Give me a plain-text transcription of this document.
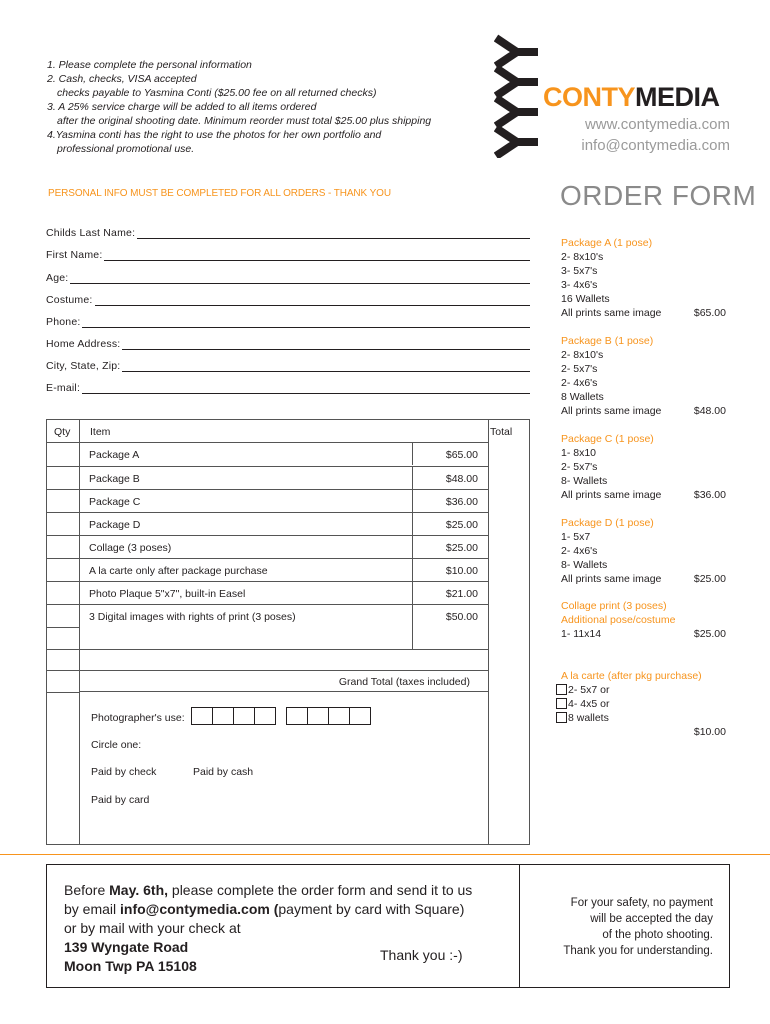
1. Please complete the personal information
2. Cash, checks, VISA accepted
checks payable to Yasmina Conti ($25.00 fee on all returned checks)
3. A 25% service charge will be added to all items ordered
after the original shooting date. Minimum reorder must total $25.00 plus shipping
4.Yasmina conti has the right to use the photos for her own portfolio and
professional promotional use.
CONTYMEDIA
www.contymedia.com
info@contymedia.com
PERSONAL INFO MUST BE COMPLETED FOR ALL ORDERS - THANK YOU	ORDER FORM
Childs Last Name:
First Name:
Age:
Costume:
Phone:
Home Address:
City, State, Zip:
E-mail:
Qty Item	Total
Package A	$65.00
Package B	$48.00
Package C	$36.00
Package D	$25.00
Collage (3 poses)	$25.00
A la carte only after package purchase	$10.00
Photo Plaque 5"x7", built-in Easel	$21.00
3 Digital images with rights of print (3 poses)	$50.00
Grand Total (taxes included)
Photographer's use:
Circle one:
Paid by check	Paid by cash
Paid by card
Package A (1 pose)
2- 8x10's
3- 5x7's
3- 4x6's
16 Wallets
All prints same image	$65.00
Package B (1 pose)
2- 8x10's
2- 5x7's
2- 4x6's
8 Wallets
All prints same image	$48.00
Package C (1 pose)
1- 8x10
2- 5x7's
8- Wallets
All prints same image	$36.00
Package D (1 pose)
1- 5x7
2- 4x6's
8- Wallets
All prints same image	$25.00
Collage print (3 poses)
Additional pose/costume
1- 11x14	$25.00
A la carte (after pkg purchase)
2- 5x7 or
4- 4x5 or
8 wallets
$10.00
Before May. 6th, please complete the order form and send it to us
by email info@contymedia.com (payment by card with Square)
or by mail with your check at
139 Wyngate Road
Moon Twp PA 15108
Thank you :-)
For your safety, no payment
will be accepted the day
of the photo shooting.
Thank you for understanding.
